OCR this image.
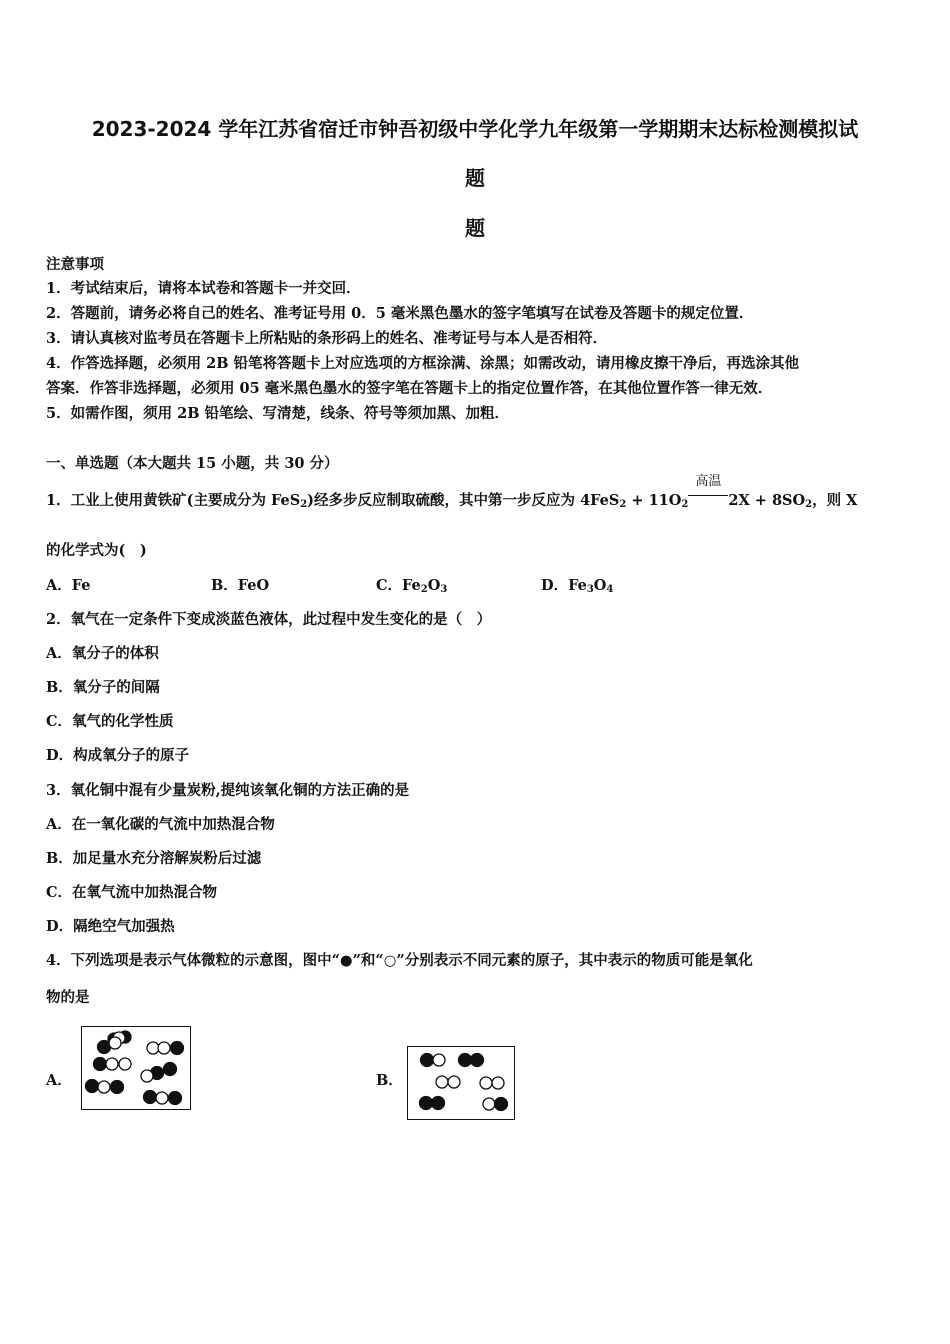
2023-2024 学年江苏省宿迁市钟吾初级中学化学九年级第一学期期末达标检测模拟试
题
题
注意事项
1．考试结束后，请将本试卷和答题卡一并交回．
2．答题前，请务必将自己的姓名、准考证号用 0．5 毫米黑色墨水的签字笔填写在试卷及答题卡的规定位置．
3．请认真核对监考员在答题卡上所粘贴的条形码上的姓名、准考证号与本人是否相符．
4．作答选择题，必须用 2B 铅笔将答题卡上对应选项的方框涂满、涂黑；如需改动，请用橡皮擦干净后，再选涂其他
答案．作答非选择题，必须用 05 毫米黑色墨水的签字笔在答题卡上的指定位置作答，在其他位置作答一律无效．
5．如需作图，须用 2B 铅笔绘、写清楚，线条、符号等须加黑、加粗．
一、单选题（本大题共 15 小题，共 30 分）
1．工业上使用黄铁矿(主要成分为 FeS$_2$)经多步反应制取硫酸，其中第一步反应为 $4FeS_2 + 11O_2$
高温
$2X + 8SO_2$，则 X
的化学式为(　)
A．Fe	B．FeO	C．$Fe_2O_3$	D．$Fe_3O_4$
2．氧气在一定条件下变成淡蓝色液体，此过程中发生变化的是（　）
A．氧分子的体积
B．氧分子的间隔
C．氧气的化学性质
D．构成氧分子的原子
3．氧化铜中混有少量炭粉,提纯该氧化铜的方法正确的是
A．在一氧化碳的气流中加热混合物
B．加足量水充分溶解炭粉后过滤
C．在氧气流中加热混合物
D．隔绝空气加强热
4．下列选项是表示气体微粒的示意图，图中“●”和“○”分别表示不同元素的原子，其中表示的物质可能是氧化
物的是
A．	B．
